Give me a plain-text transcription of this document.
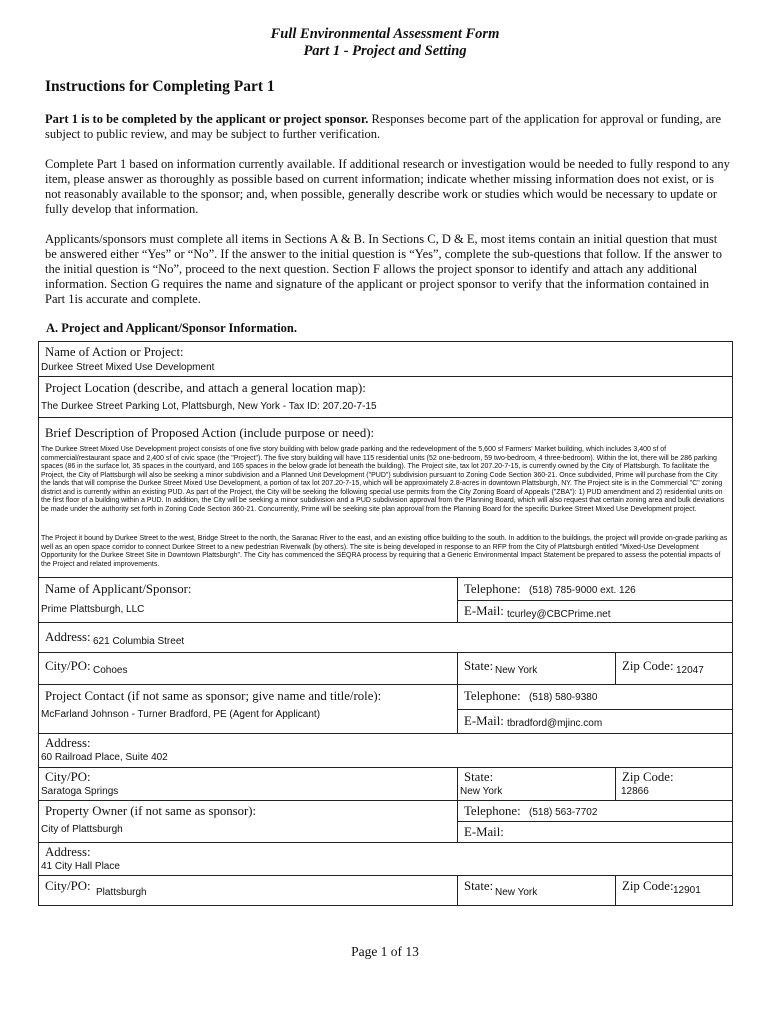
Full Environmental Assessment Form
Part 1 - Project and Setting
Instructions for Completing Part 1
Part 1 is to be completed by the applicant or project sponsor. Responses become part of the application for approval or funding, are subject to public review, and may be subject to further verification.
Complete Part 1 based on information currently available. If additional research or investigation would be needed to fully respond to any item, please answer as thoroughly as possible based on current information; indicate whether missing information does not exist, or is not reasonably available to the sponsor; and, when possible, generally describe work or studies which would be necessary to update or fully develop that information.
Applicants/sponsors must complete all items in Sections A & B. In Sections C, D & E, most items contain an initial question that must be answered either “Yes” or “No”. If the answer to the initial question is “Yes”, complete the sub-questions that follow. If the answer to the initial question is “No”, proceed to the next question. Section F allows the project sponsor to identify and attach any additional information. Section G requires the name and signature of the applicant or project sponsor to verify that the information contained in Part 1is accurate and complete.
A. Project and Applicant/Sponsor Information.
Name of Action or Project:
Durkee Street Mixed Use Development
Project Location (describe, and attach a general location map):
The Durkee Street Parking Lot, Plattsburgh, New York - Tax ID: 207.20-7-15
Brief Description of Proposed Action (include purpose or need):
The Durkee Street Mixed Use Development project consists of one five story building with below grade parking and the redevelopment of the 5,600 sf Farmers' Market building, which includes 3,400 sf of commercial/restaurant space and 2,400 sf of civic space (the "Project"). The five story building will have 115 residential units (52 one-bedroom, 59 two-bedroom, 4 three-bedroom). Within the lot, there will be 286 parking spaces (86 in the surface lot, 35 spaces in the courtyard, and 165 spaces in the below grade lot beneath the building). The Project site, tax lot 207.20-7-15, is currently owned by the City of Plattsburgh. To facilitate the Project, the City of Plattsburgh will also be seeking a minor subdivision and a Planned Unit Development ("PUD") subdivision pursuant to Zoning Code Section 360-21. Once subdivided, Prime will purchase from the City the lands that will comprise the Durkee Street Mixed Use Development, a portion of tax lot 207.20-7-15, which will be approximately 2.8-acres in downtown Plattsburgh, NY. The Project site is in the Commercial "C" zoning district and is currently within an existing PUD. As part of the Project, the City will be seeking the following special use permits from the City Zoning Board of Appeals ("ZBA"): 1) PUD amendment and 2) residential units on the first floor of a building within a PUD. In addition, the City will be seeking a minor subdivision and a PUD subdivision approval from the Planning Board, which will also request that certain zoning area and bulk deviations be made under the authority set forth in Zoning Code Section 360-21. Concurrently, Prime will be seeking site plan approval from the Planning Board for the specific Durkee Street Mixed Use Development project.
The Project it bound by Durkee Street to the west, Bridge Street to the north, the Saranac River to the east, and an existing office building to the south. In addition to the buildings, the project will provide on-grade parking as well as an open space corridor to connect Durkee Street to a new pedestrian Riverwalk (by others). The site is being developed in response to an RFP from the City of Plattsburgh entitled "Mixed-Use Development Opportunity for the Durkee Street Site in Downtown Plattsburgh". The City has commenced the SEQRA process by requiring that a Generic Environmental Impact Statement be prepared to assess the potential impacts of the Project and related improvements.
Name of Applicant/Sponsor:
Prime Plattsburgh, LLC
Telephone: (518) 785-9000 ext. 126
E-Mail: tcurley@CBCPrime.net
Address: 621 Columbia Street
City/PO: Cohoes	State: New York	Zip Code: 12047
Project Contact (if not same as sponsor; give name and title/role):
McFarland Johnson - Turner Bradford, PE (Agent for Applicant)
Telephone: (518) 580-9380
E-Mail: tbradford@mjinc.com
Address:
60 Railroad Place, Suite 402
City/PO:
Saratoga Springs
State:
New York
Zip Code:
12866
Property Owner (if not same as sponsor):
City of Plattsburgh
Telephone: (518) 563-7702
E-Mail:
Address:
41 City Hall Place
City/PO: Plattsburgh	State: New York	Zip Code: 12901
Page 1 of 13
